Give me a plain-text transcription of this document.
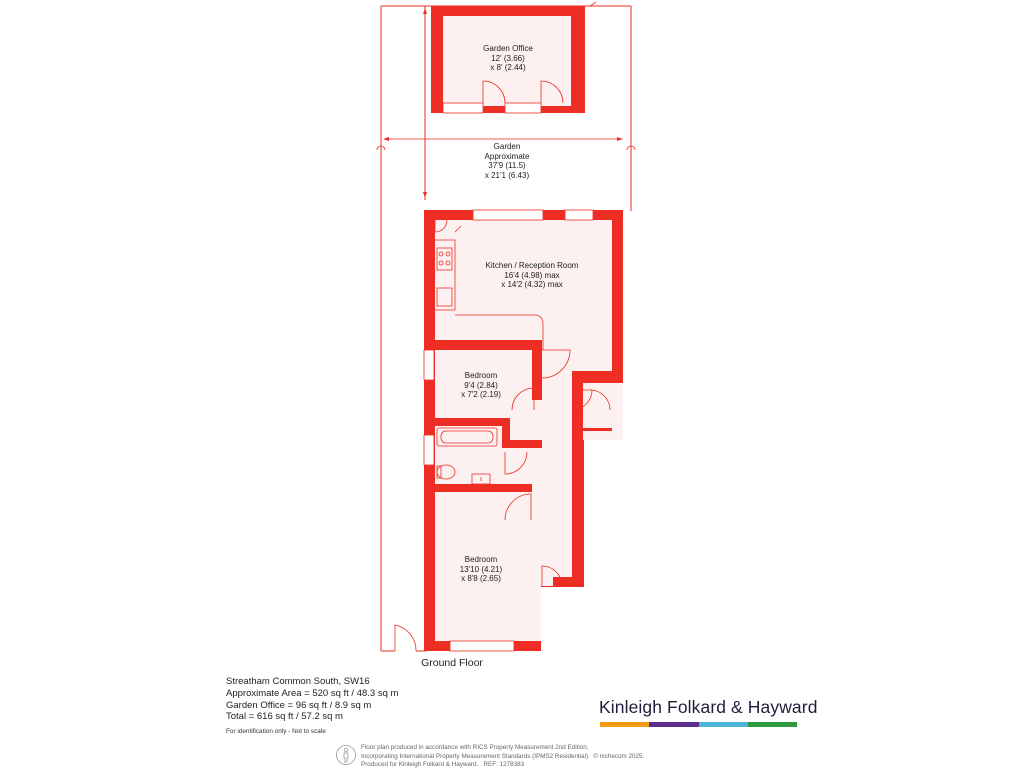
Garden Office
12' (3.66)
x 8' (2.44)
Garden
Approximate
37'9 (11.5)
x 21'1 (6.43)
Kitchen / Reception Room
16'4 (4.98) max
x 14'2 (4.32) max
Bedroom
9'4 (2.84)
x 7'2 (2.19)
Bedroom
13'10 (4.21)
x 8'8 (2.65)
Ground Floor
Streatham Common South, SW16
Approximate Area = 520 sq ft / 48.3 sq m
Garden Office = 96 sq ft / 8.9 sq m
Total = 616 sq ft / 57.2 sq m
For identification only - Not to scale
Kinleigh Folkard & Hayward
Floor plan produced in accordance with RICS Property Measurement 2nd Edition,
Incorporating International Property Measurement Standards (IPMS2 Residential). © nichecom 2025.
Produced for Kinleigh Folkard & Hayward. REF: 1278383
